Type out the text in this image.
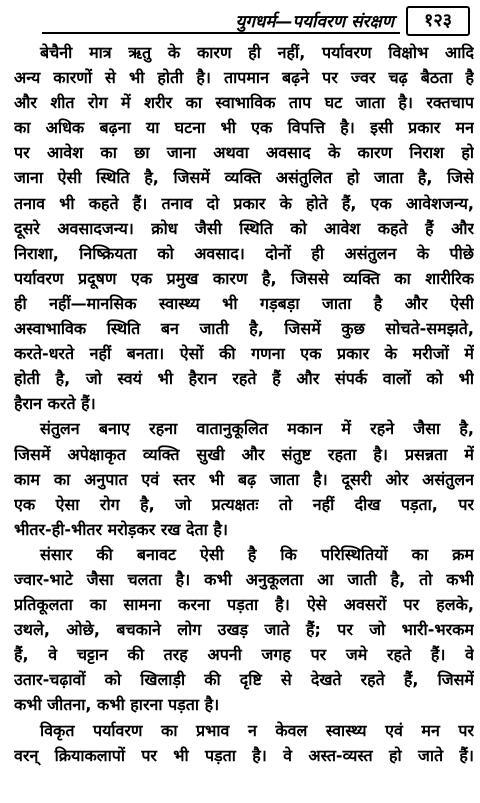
युगधर्म—पर्यावरण संरक्षण	१२३
बेचैनी मात्र ऋतु के कारण ही नहीं, पर्यावरण विक्षोभ आदि
अन्य कारणों से भी होती है। तापमान बढ़ने पर ज्वर चढ़ बैठता है
और शीत रोग में शरीर का स्वाभाविक ताप घट जाता है। रक्तचाप
का अधिक बढ़ना या घटना भी एक विपत्ति है। इसी प्रकार मन
पर आवेश का छा जाना अथवा अवसाद के कारण निराश हो
जाना ऐसी स्थिति है, जिसमें व्यक्ति असंतुलित हो जाता है, जिसे
तनाव भी कहते हैं। तनाव दो प्रकार के होते हैं, एक आवेशजन्य,
दूसरे अवसादजन्य। क्रोध जैसी स्थिति को आवेश कहते हैं और
निराशा, निष्क्रियता को अवसाद। दोनों ही असंतुलन के पीछे
पर्यावरण प्रदूषण एक प्रमुख कारण है, जिससे व्यक्ति का शारीरिक
ही नहीं—मानसिक स्वास्थ्य भी गड़बड़ा जाता है और ऐसी
अस्वाभाविक स्थिति बन जाती है, जिसमें कुछ सोचते-समझते,
करते-धरते नहीं बनता। ऐसों की गणना एक प्रकार के मरीजों में
होती है, जो स्वयं भी हैरान रहते हैं और संपर्क वालों को भी
हैरान करते हैं।
संतुलन बनाए रहना वातानुकूलित मकान में रहने जैसा है,
जिसमें अपेक्षाकृत व्यक्ति सुखी और संतुष्ट रहता है। प्रसन्नता में
काम का अनुपात एवं स्तर भी बढ़ जाता है। दूसरी ओर असंतुलन
एक ऐसा रोग है, जो प्रत्यक्षतः तो नहीं दीख पड़ता, पर
भीतर-ही-भीतर मरोड़कर रख देता है।
संसार की बनावट ऐसी है कि परिस्थितियों का क्रम
ज्वार-भाटे जैसा चलता है। कभी अनुकूलता आ जाती है, तो कभी
प्रतिकूलता का सामना करना पड़ता है। ऐसे अवसरों पर हलके,
उथले, ओछे, बचकाने लोग उखड़ जाते हैं; पर जो भारी-भरकम
हैं, वे चट्टान की तरह अपनी जगह पर जमे रहते हैं। वे
उतार-चढ़ावों को खिलाड़ी की दृष्टि से देखते रहते हैं, जिसमें
कभी जीतना, कभी हारना पड़ता है।
विकृत पर्यावरण का प्रभाव न केवल स्वास्थ्य एवं मन पर
वरन् क्रियाकलापों पर भी पड़ता है। वे अस्त-व्यस्त हो जाते हैं।
